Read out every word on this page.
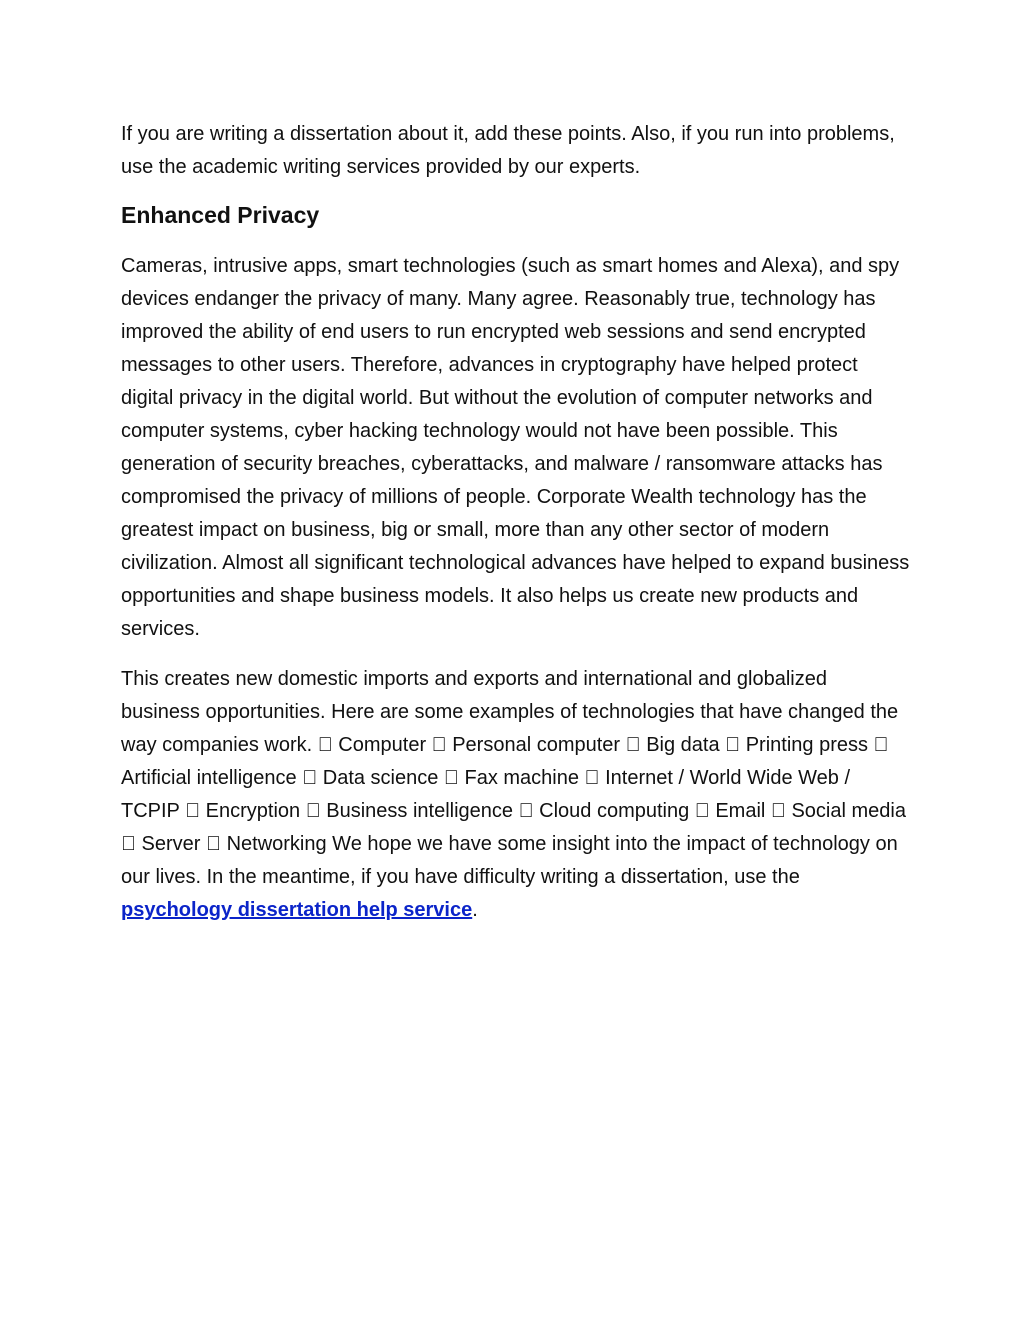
If you are writing a dissertation about it, add these points. Also, if you run into problems, use the academic writing services provided by our experts.

Enhanced Privacy

Cameras, intrusive apps, smart technologies (such as smart homes and Alexa), and spy devices endanger the privacy of many. Many agree. Reasonably true, technology has improved the ability of end users to run encrypted web sessions and send encrypted messages to other users. Therefore, advances in cryptography have helped protect digital privacy in the digital world. But without the evolution of computer networks and computer systems, cyber hacking technology would not have been possible. This generation of security breaches, cyberattacks, and malware / ransomware attacks has compromised the privacy of millions of people. Corporate Wealth technology has the greatest impact on business, big or small, more than any other sector of modern civilization. Almost all significant technological advances have helped to expand business opportunities and shape business models. It also helps us create new products and services.

This creates new domestic imports and exports and international and globalized business opportunities. Here are some examples of technologies that have changed the way companies work. Computer Personal computer Big data Printing press Artificial intelligence Data science Fax machine Internet / World Wide Web / TCPIP Encryption Business intelligence Cloud computing Email Social media Server Networking We hope we have some insight into the impact of technology on our lives. In the meantime, if you have difficulty writing a dissertation, use the psychology dissertation help service.
